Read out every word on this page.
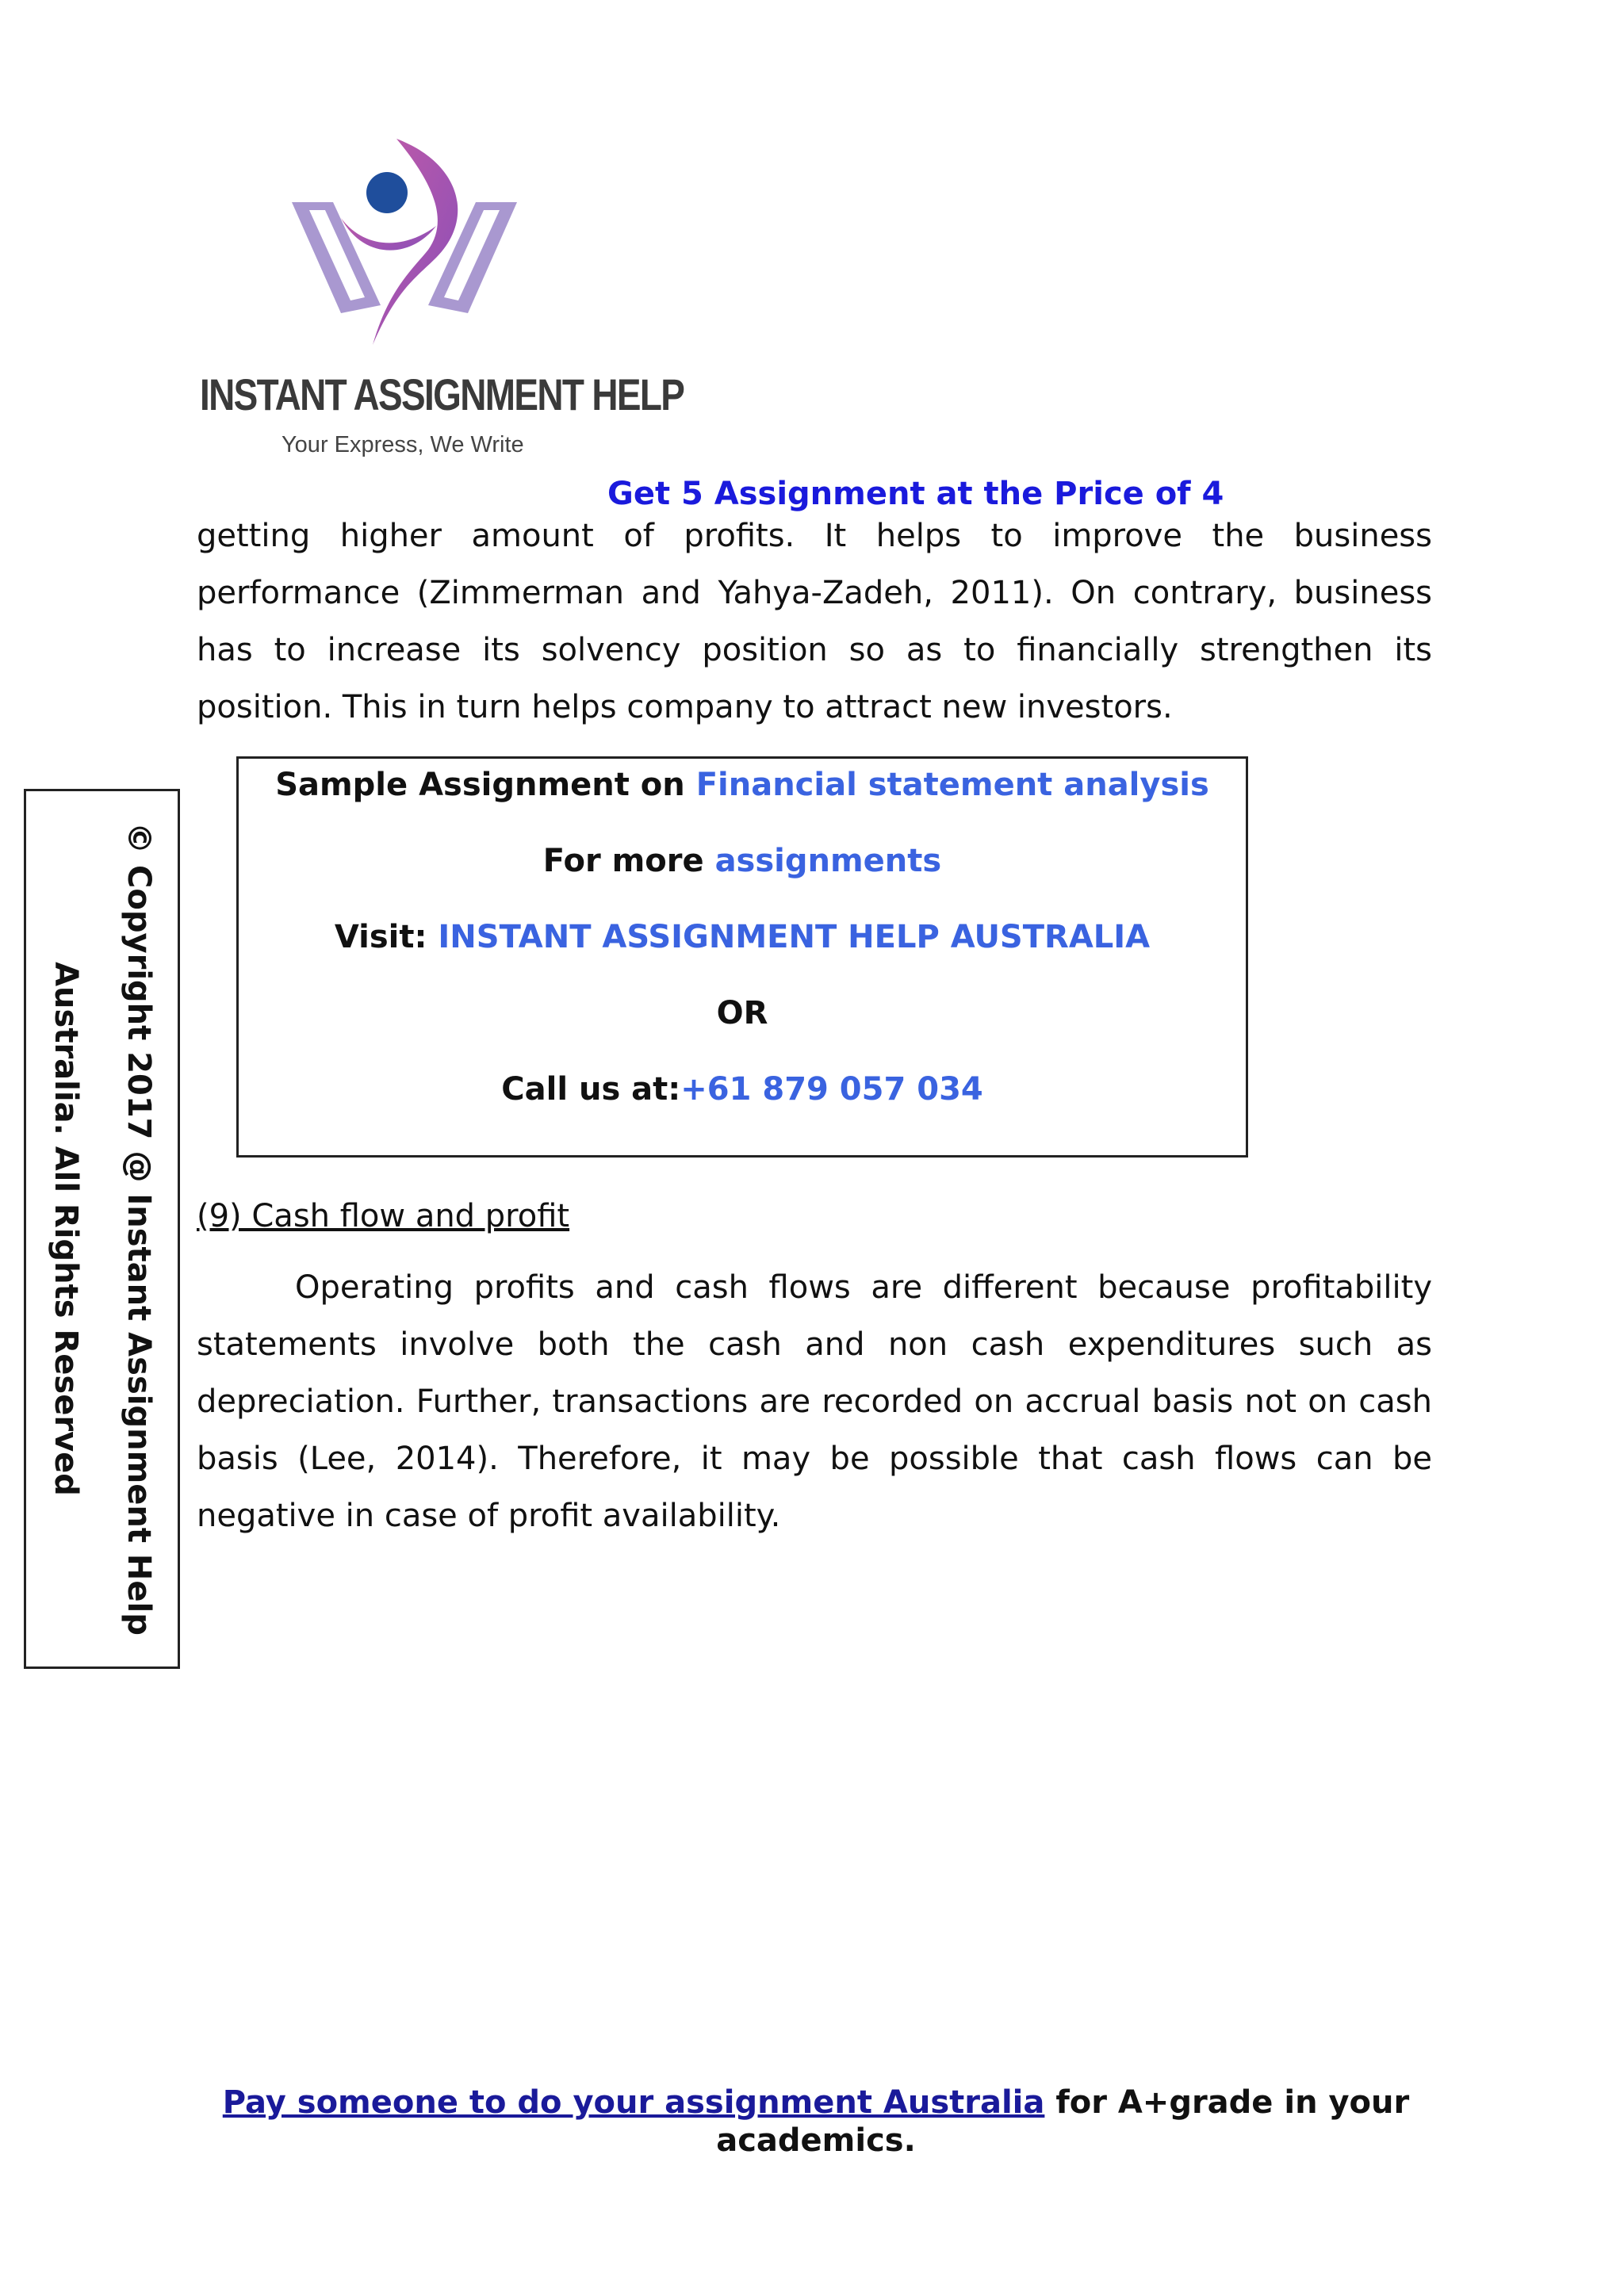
INSTANT ASSIGNMENT HELP
Your Express, We Write
Get 5 Assignment at the Price of 4

getting higher amount of profits. It helps to improve the business performance (Zimmerman and Yahya-Zadeh, 2011). On contrary, business has to increase its solvency position so as to financially strengthen its position. This in turn helps company to attract new investors.

Sample Assignment on Financial statement analysis
For more assignments
Visit: INSTANT ASSIGNMENT HELP AUSTRALIA
OR
Call us at:+61 879 057 034
(9) Cash flow and profit

Operating profits and cash flows are different because profitability statements involve both the cash and non cash expenditures such as depreciation. Further, transactions are recorded on accrual basis not on cash basis (Lee, 2014). Therefore, it may be possible that cash flows can be negative in case of profit availability.

© Copyright 2017 @ Instant Assignment Help Australia. All Rights Reserved
Pay someone to do your assignment Australia for A+grade in your academics.
